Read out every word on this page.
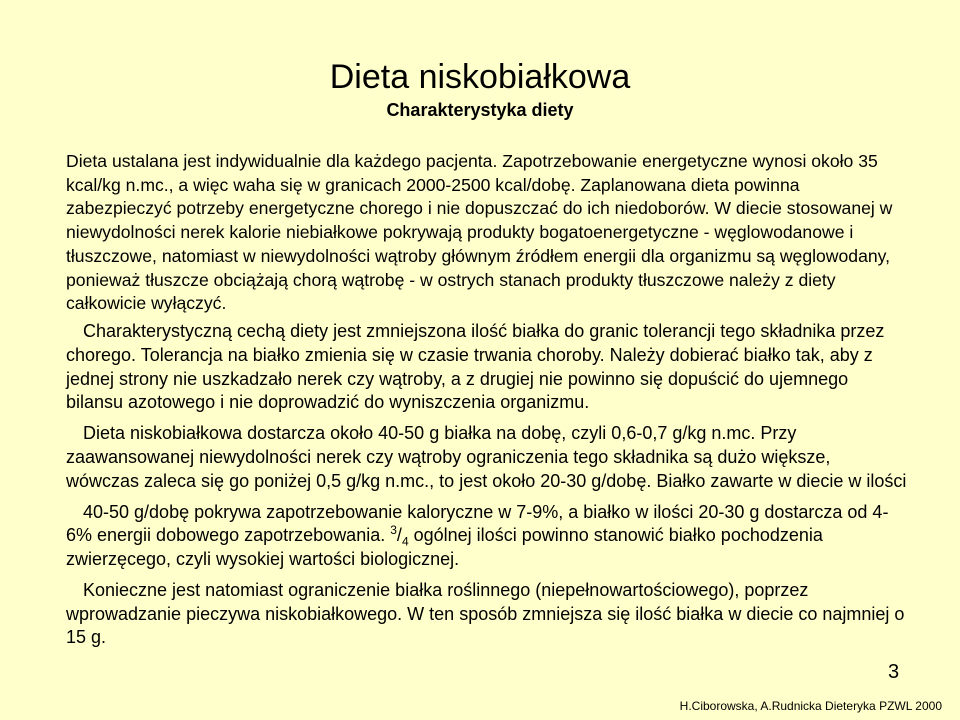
Dieta niskobiałkowa
Charakterystyka diety

Dieta ustalana jest indywidualnie dla każdego pacjenta. Zapotrzebowanie energetyczne wynosi około 35 kcal/kg n.mc., a więc waha się w granicach 2000-2500 kcal/dobę. Zaplanowana dieta powinna zabezpieczyć potrzeby energetyczne chorego i nie dopuszczać do ich niedoborów. W diecie stosowanej w niewydolności nerek kalorie niebiałkowe pokrywają produkty bogatoenergetyczne - węglowodanowe i tłuszczowe, natomiast w niewydolności wątroby głównym źródłem energii dla organizmu są węglowodany, ponieważ tłuszcze obciążają chorą wątrobę - w ostrych stanach produkty tłuszczowe należy z diety całkowicie wyłączyć.

Charakterystyczną cechą diety jest zmniejszona ilość białka do granic tolerancji tego składnika przez chorego. Tolerancja na białko zmienia się w czasie trwania choroby. Należy dobierać białko tak, aby z jednej strony nie uszkadzało nerek czy wątroby, a z drugiej nie powinno się dopuścić do ujemnego bilansu azotowego i nie doprowadzić do wyniszczenia organizmu.

Dieta niskobiałkowa dostarcza około 40-50 g białka na dobę, czyli 0,6-0,7 g/kg n.mc. Przy zaawansowanej niewydolności nerek czy wątroby ograniczenia tego składnika są dużo większe, wówczas zaleca się go poniżej 0,5 g/kg n.mc., to jest około 20-30 g/dobę. Białko zawarte w diecie w ilości

40-50 g/dobę pokrywa zapotrzebowanie kaloryczne w 7-9%, a białko w ilości 20-30 g dostarcza od 4-6% energii dobowego zapotrzebowania. $^3/_4$ ogólnej ilości powinno stanowić białko pochodzenia zwierzęcego, czyli wysokiej wartości biologicznej.

Konieczne jest natomiast ograniczenie białka roślinnego (niepełnowartościowego), poprzez wprowadzanie pieczywa niskobiałkowego. W ten sposób zmniejsza się ilość białka w diecie co najmniej o 15 g.

3
H.Ciborowska, A.Rudnicka Dieteryka PZWL 2000
